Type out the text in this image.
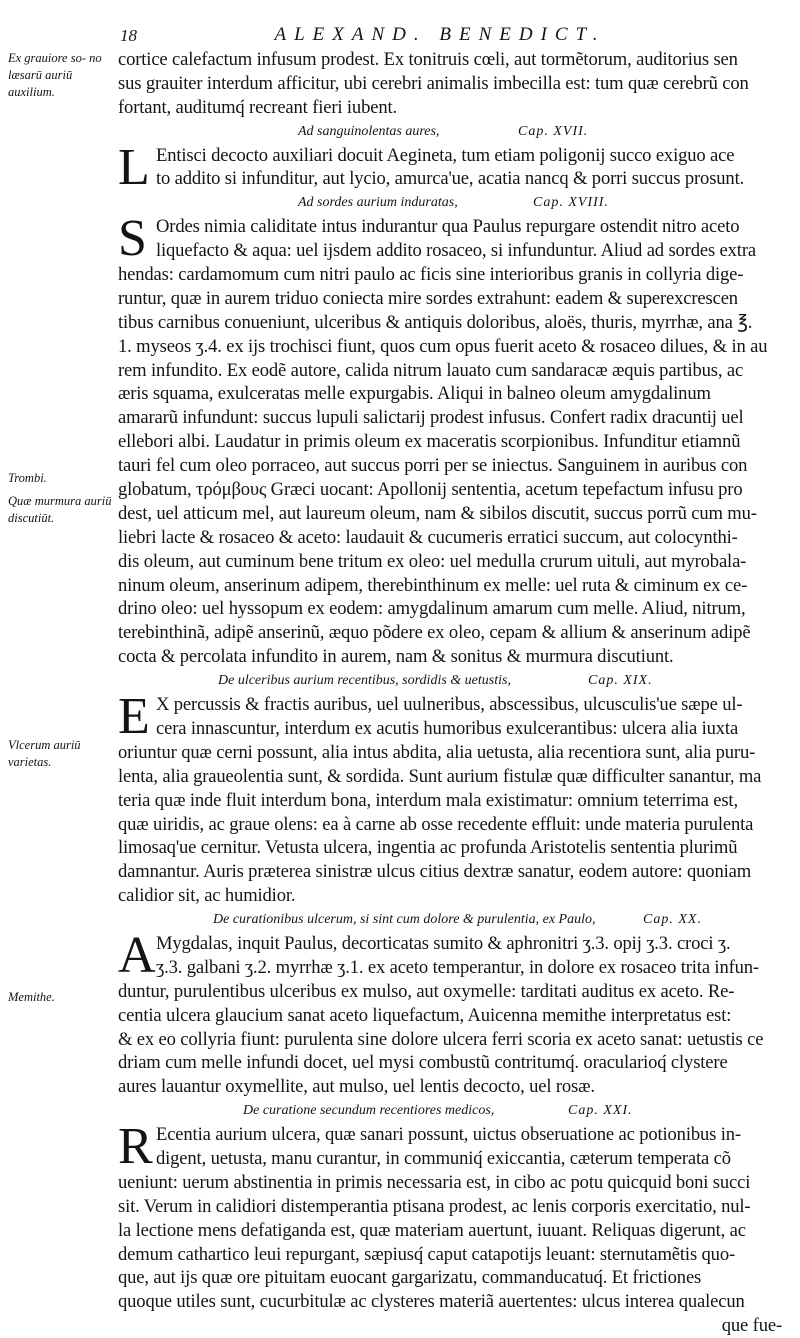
18	ALEXAND. BENEDICT.
Ex grauiore so- no læsarū auriū auxilium.
Trombi.
Quæ murmura auriū discutiūt.
Vlcerum auriū varietas.
Memithe.
cortice calefactum infusum prodest. Ex tonitruis cœli, aut tormẽtorum, auditorius sen
sus grauiter interdum afficitur, ubi cerebri animalis imbecilla est: tum quæ cerebrũ con
fortant, auditumq́ recreant fieri iubent.
Ad sanguinolentas aures,	Cap. XVII.
L Entisci decocto auxiliari docuit Aegineta, tum etiam poligonij succo exiguo ace
to addito si infunditur, aut lycio, amurca'ue, acatia nancq & porri succus prosunt.
Ad sordes aurium induratas,	Cap. XVIII.
S Ordes nimia caliditate intus indurantur qua Paulus repurgare ostendit nitro aceto
liquefacto & aqua: uel ijsdem addito rosaceo, si infunduntur. Aliud ad sordes extra
hendas: cardamomum cum nitri paulo ac ficis sine interioribus granis in collyria dige-
runtur, quæ in aurem triduo coniecta mire sordes extrahunt: eadem & superexcrescen
tibus carnibus conueniunt, ulceribus & antiquis doloribus, aloës, thuris, myrrhæ, ana ℥.
1. myseos ʒ.4. ex ijs trochisci fiunt, quos cum opus fuerit aceto & rosaceo dilues, & in au
rem infundito. Ex eodẽ autore, calida nitrum lauato cum sandaracæ æquis partibus, ac
æris squama, exulceratas melle expurgabis. Aliqui in balneo oleum amygdalinum
amararũ infundunt: succus lupuli salictarij prodest infusus. Confert radix dracuntij uel
ellebori albi. Laudatur in primis oleum ex maceratis scorpionibus. Infunditur etiamnũ
tauri fel cum oleo porraceo, aut succus porri per se iniectus. Sanguinem in auribus con
globatum, τρόμβους Græci uocant: Apollonij sententia, acetum tepefactum infusu pro
dest, uel atticum mel, aut laureum oleum, nam & sibilos discutit, succus porrũ cum mu-
liebri lacte & rosaceo & aceto: laudauit & cucumeris erratici succum, aut colocynthi-
dis oleum, aut cuminum bene tritum ex oleo: uel medulla crurum uituli, aut myrobala-
ninum oleum, anserinum adipem, therebinthinum ex melle: uel ruta & ciminum ex ce-
drino oleo: uel hyssopum ex eodem: amygdalinum amarum cum melle. Aliud, nitrum,
terebinthinã, adipẽ anserinũ, æquo põdere ex oleo, cepam & allium & anserinum adipẽ
cocta & percolata infundito in aurem, nam & sonitus & murmura discutiunt.
De ulceribus aurium recentibus, sordidis & uetustis,	Cap. XIX.
E X percussis & fractis auribus, uel uulneribus, abscessibus, ulcusculis'ue sæpe ul-
cera innascuntur, interdum ex acutis humoribus exulcerantibus: ulcera alia iuxta
oriuntur quæ cerni possunt, alia intus abdita, alia uetusta, alia recentiora sunt, alia puru-
lenta, alia graueolentia sunt, & sordida. Sunt aurium fistulæ quæ difficulter sanantur, ma
teria quæ inde fluit interdum bona, interdum mala existimatur: omnium teterrima est,
quæ uiridis, ac graue olens: ea à carne ab osse recedente effluit: unde materia purulenta
limosaq'ue cernitur. Vetusta ulcera, ingentia ac profunda Aristotelis sententia plurimũ
damnantur. Auris præterea sinistræ ulcus citius dextræ sanatur, eodem autore: quoniam
calidior sit, ac humidior.
De curationibus ulcerum, si sint cum dolore & purulentia, ex Paulo,	Cap. XX.
A Mygdalas, inquit Paulus, decorticatas sumito & aphronitri ʒ.3. opij ʒ.3. croci ʒ.
ʒ.3. galbani ʒ.2. myrrhæ ʒ.1. ex aceto temperantur, in dolore ex rosaceo trita infun-
duntur, purulentibus ulceribus ex mulso, aut oxymelle: tarditati auditus ex aceto. Re-
centia ulcera glaucium sanat aceto liquefactum, Auicenna memithe interpretatus est:
& ex eo collyria fiunt: purulenta sine dolore ulcera ferri scoria ex aceto sanat: uetustis ce
driam cum melle infundi docet, uel mysi combustũ contritumq́. oracularioq́ clystere
aures lauantur oxymellite, aut mulso, uel lentis decocto, uel rosæ.
De curatione secundum recentiores medicos,	Cap. XXI.
R Ecentia aurium ulcera, quæ sanari possunt, uictus obseruatione ac potionibus in-
digent, uetusta, manu curantur, in communiq́ exiccantia, cæterum temperata cõ
ueniunt: uerum abstinentia in primis necessaria est, in cibo ac potu quicquid boni succi
sit. Verum in calidiori distemperantia ptisana prodest, ac lenis corporis exercitatio, nul-
la lectione mens defatiganda est, quæ materiam auertunt, iuuant. Reliquas digerunt, ac
demum cathartico leui repurgant, sæpiusq́ caput catapotijs leuant: sternutamẽtis quo-
que, aut ijs quæ ore pituitam euocant gargarizatu, commanducatuq́. Et frictiones
quoque utiles sunt, cucurbitulæ ac clysteres materiã auertentes: ulcus interea qualecun
que fue-
